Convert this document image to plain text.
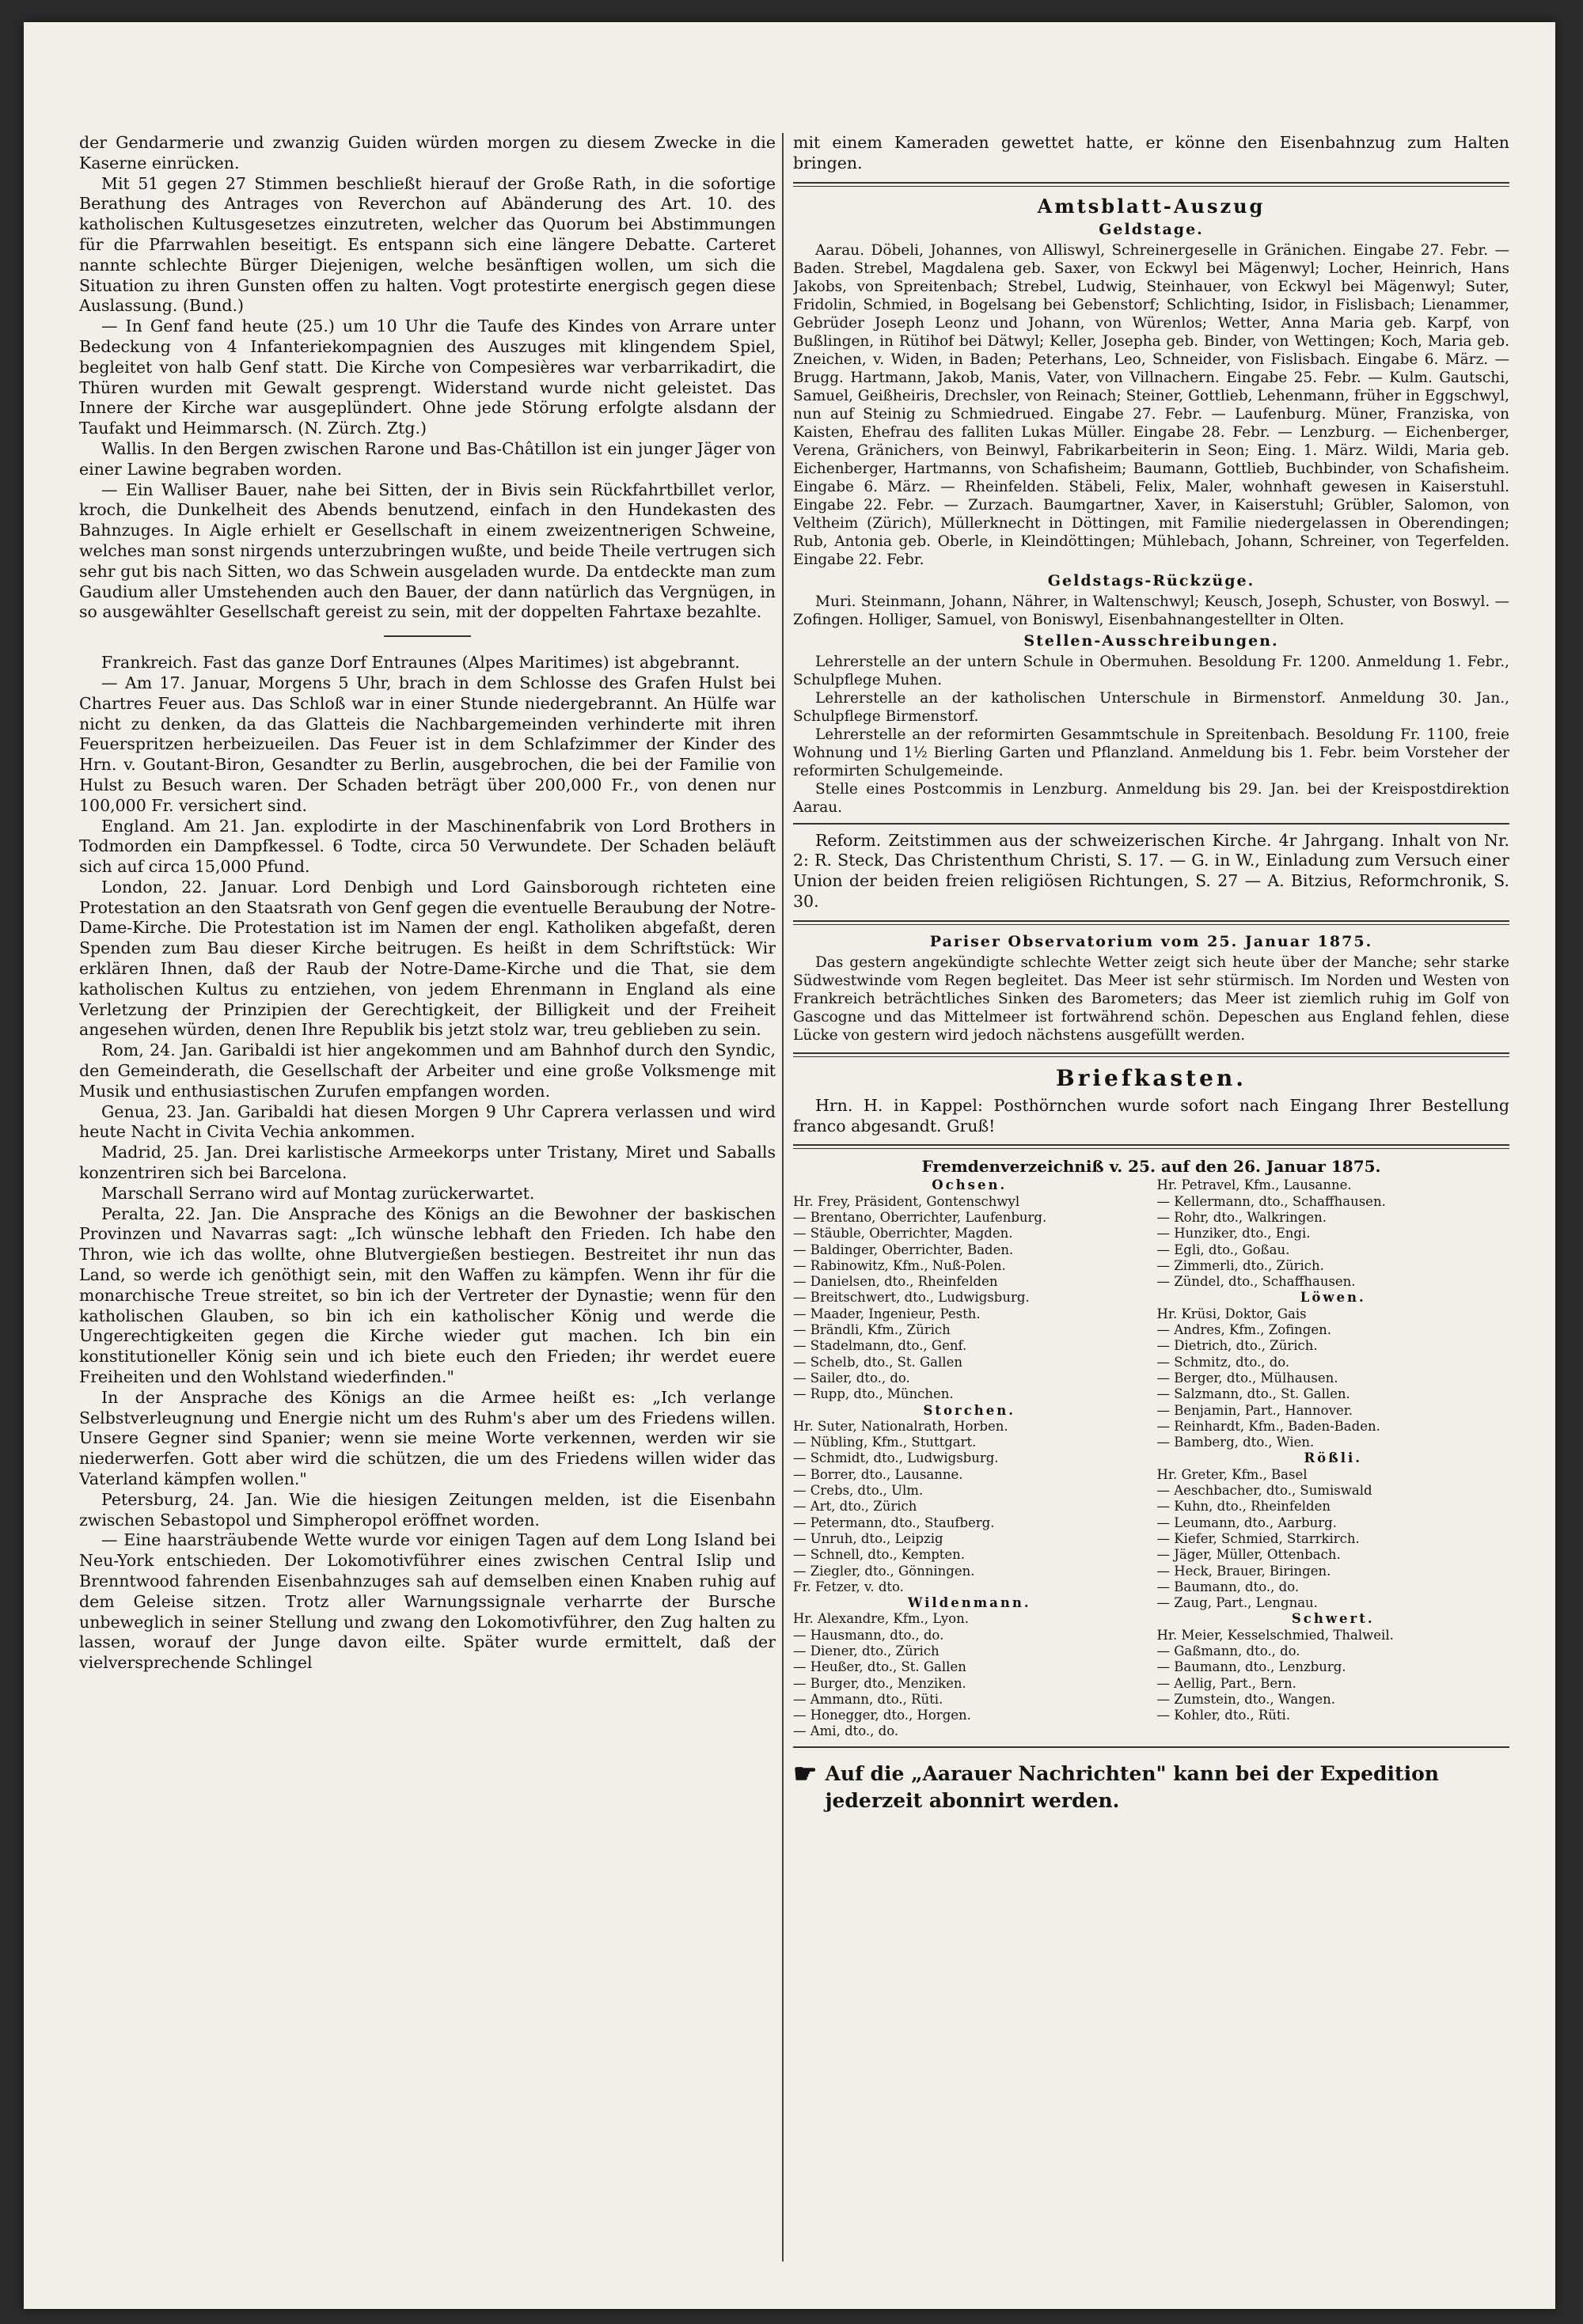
der Gendarmerie und zwanzig Guiden würden morgen zu diesem Zwecke in die Kaserne einrücken.

Mit 51 gegen 27 Stimmen beschließt hierauf der Große Rath, in die sofortige Berathung des Antrages von Reverchon auf Abänderung des Art. 10. des katholischen Kultusgesetzes einzutreten, welcher das Quorum bei Abstimmungen für die Pfarrwahlen beseitigt. Es entspann sich eine längere Debatte. Carteret nannte schlechte Bürger Diejenigen, welche besänftigen wollen, um sich die Situation zu ihren Gunsten offen zu halten. Vogt protestirte energisch gegen diese Auslassung. (Bund.)

— In Genf fand heute (25.) um 10 Uhr die Taufe des Kindes von Arrare unter Bedeckung von 4 Infanteriekompagnien des Auszuges mit klingendem Spiel, begleitet von halb Genf statt. Die Kirche von Compesières war verbarrikadirt, die Thüren wurden mit Gewalt gesprengt. Widerstand wurde nicht geleistet. Das Innere der Kirche war ausgeplündert. Ohne jede Störung erfolgte alsdann der Taufakt und Heimmarsch. (N. Zürch. Ztg.)

Wallis. In den Bergen zwischen Rarone und Bas-Châtillon ist ein junger Jäger von einer Lawine begraben worden.

— Ein Walliser Bauer, nahe bei Sitten, der in Bivis sein Rückfahrtbillet verlor, kroch, die Dunkelheit des Abends benutzend, einfach in den Hundekasten des Bahnzuges. In Aigle erhielt er Gesellschaft in einem zweizentnerigen Schweine, welches man sonst nirgends unterzubringen wußte, und beide Theile vertrugen sich sehr gut bis nach Sitten, wo das Schwein ausgeladen wurde. Da entdeckte man zum Gaudium aller Umstehenden auch den Bauer, der dann natürlich das Vergnügen, in so ausgewählter Gesellschaft gereist zu sein, mit der doppelten Fahrtaxe bezahlte.

Frankreich. Fast das ganze Dorf Entraunes (Alpes Maritimes) ist abgebrannt.

— Am 17. Januar, Morgens 5 Uhr, brach in dem Schlosse des Grafen Hulst bei Chartres Feuer aus. Das Schloß war in einer Stunde niedergebrannt. An Hülfe war nicht zu denken, da das Glatteis die Nachbargemeinden verhinderte mit ihren Feuerspritzen herbeizueilen. Das Feuer ist in dem Schlafzimmer der Kinder des Hrn. v. Goutant-Biron, Gesandter zu Berlin, ausgebrochen, die bei der Familie von Hulst zu Besuch waren. Der Schaden beträgt über 200,000 Fr., von denen nur 100,000 Fr. versichert sind.

England. Am 21. Jan. explodirte in der Maschinenfabrik von Lord Brothers in Todmorden ein Dampfkessel. 6 Todte, circa 50 Verwundete. Der Schaden beläuft sich auf circa 15,000 Pfund.

London, 22. Januar. Lord Denbigh und Lord Gainsborough richteten eine Protestation an den Staatsrath von Genf gegen die eventuelle Beraubung der Notre-Dame-Kirche. Die Protestation ist im Namen der engl. Katholiken abgefaßt, deren Spenden zum Bau dieser Kirche beitrugen. Es heißt in dem Schriftstück: Wir erklären Ihnen, daß der Raub der Notre-Dame-Kirche und die That, sie dem katholischen Kultus zu entziehen, von jedem Ehrenmann in England als eine Verletzung der Prinzipien der Gerechtigkeit, der Billigkeit und der Freiheit angesehen würden, denen Ihre Republik bis jetzt stolz war, treu geblieben zu sein.

Rom, 24. Jan. Garibaldi ist hier angekommen und am Bahnhof durch den Syndic, den Gemeinderath, die Gesellschaft der Arbeiter und eine große Volksmenge mit Musik und enthusiastischen Zurufen empfangen worden.

Genua, 23. Jan. Garibaldi hat diesen Morgen 9 Uhr Caprera verlassen und wird heute Nacht in Civita Vechia ankommen.

Madrid, 25. Jan. Drei karlistische Armeekorps unter Tristany, Miret und Saballs konzentriren sich bei Barcelona.

Marschall Serrano wird auf Montag zurückerwartet.

Peralta, 22. Jan. Die Ansprache des Königs an die Bewohner der baskischen Provinzen und Navarras sagt: „Ich wünsche lebhaft den Frieden. Ich habe den Thron, wie ich das wollte, ohne Blutvergießen bestiegen. Bestreitet ihr nun das Land, so werde ich genöthigt sein, mit den Waffen zu kämpfen. Wenn ihr für die monarchische Treue streitet, so bin ich der Vertreter der Dynastie; wenn für den katholischen Glauben, so bin ich ein katholischer König und werde die Ungerechtigkeiten gegen die Kirche wieder gut machen. Ich bin ein konstitutioneller König sein und ich biete euch den Frieden; ihr werdet euere Freiheiten und den Wohlstand wiederfinden."

In der Ansprache des Königs an die Armee heißt es: „Ich verlange Selbstverleugnung und Energie nicht um des Ruhm's aber um des Friedens willen. Unsere Gegner sind Spanier; wenn sie meine Worte verkennen, werden wir sie niederwerfen. Gott aber wird die schützen, die um des Friedens willen wider das Vaterland kämpfen wollen."

Petersburg, 24. Jan. Wie die hiesigen Zeitungen melden, ist die Eisenbahn zwischen Sebastopol und Simpheropol eröffnet worden.

— Eine haarsträubende Wette wurde vor einigen Tagen auf dem Long Island bei Neu-York entschieden. Der Lokomotivführer eines zwischen Central Islip und Brenntwood fahrenden Eisenbahnzuges sah auf demselben einen Knaben ruhig auf dem Geleise sitzen. Trotz aller Warnungssignale verharrte der Bursche unbeweglich in seiner Stellung und zwang den Lokomotivführer, den Zug halten zu lassen, worauf der Junge davon eilte. Später wurde ermittelt, daß der vielversprechende Schlingel

mit einem Kameraden gewettet hatte, er könne den Eisenbahnzug zum Halten bringen.

Amtsblatt-Auszug
Geldstage.

Aarau. Döbeli, Johannes, von Alliswyl, Schreinergeselle in Gränichen. Eingabe 27. Febr. — Baden. Strebel, Magdalena geb. Saxer, von Eckwyl bei Mägenwyl; Locher, Heinrich, Hans Jakobs, von Spreitenbach; Strebel, Ludwig, Steinhauer, von Eckwyl bei Mägenwyl; Suter, Fridolin, Schmied, in Bogelsang bei Gebenstorf; Schlichting, Isidor, in Fislisbach; Lienammer, Gebrüder Joseph Leonz und Johann, von Würenlos; Wetter, Anna Maria geb. Karpf, von Bußlingen, in Rütihof bei Dätwyl; Keller, Josepha geb. Binder, von Wettingen; Koch, Maria geb. Zneichen, v. Widen, in Baden; Peterhans, Leo, Schneider, von Fislisbach. Eingabe 6. März. — Brugg. Hartmann, Jakob, Manis, Vater, von Villnachern. Eingabe 25. Febr. — Kulm. Gautschi, Samuel, Geißheiris, Drechsler, von Reinach; Steiner, Gottlieb, Lehenmann, früher in Eggschwyl, nun auf Steinig zu Schmiedrued. Eingabe 27. Febr. — Laufenburg. Müner, Franziska, von Kaisten, Ehefrau des falliten Lukas Müller. Eingabe 28. Febr. — Lenzburg. — Eichenberger, Verena, Gränichers, von Beinwyl, Fabrikarbeiterin in Seon; Eing. 1. März. Wildi, Maria geb. Eichenberger, Hartmanns, von Schafisheim; Baumann, Gottlieb, Buchbinder, von Schafisheim. Eingabe 6. März. — Rheinfelden. Stäbeli, Felix, Maler, wohnhaft gewesen in Kaiserstuhl. Eingabe 22. Febr. — Zurzach. Baumgartner, Xaver, in Kaiserstuhl; Grübler, Salomon, von Veltheim (Zürich), Müllerknecht in Döttingen, mit Familie niedergelassen in Oberendingen; Rub, Antonia geb. Oberle, in Kleindöttingen; Mühlebach, Johann, Schreiner, von Tegerfelden. Eingabe 22. Febr.

Geldstags-Rückzüge.

Muri. Steinmann, Johann, Nährer, in Waltenschwyl; Keusch, Joseph, Schuster, von Boswyl. — Zofingen. Holliger, Samuel, von Boniswyl, Eisenbahnangestellter in Olten.

Stellen-Ausschreibungen.

Lehrerstelle an der untern Schule in Obermuhen. Besoldung Fr. 1200. Anmeldung 1. Febr., Schulpflege Muhen.

Lehrerstelle an der katholischen Unterschule in Birmenstorf. Anmeldung 30. Jan., Schulpflege Birmenstorf.

Lehrerstelle an der reformirten Gesammtschule in Spreitenbach. Besoldung Fr. 1100, freie Wohnung und 1½ Bierling Garten und Pflanzland. Anmeldung bis 1. Febr. beim Vorsteher der reformirten Schulgemeinde.

Stelle eines Postcommis in Lenzburg. Anmeldung bis 29. Jan. bei der Kreispostdirektion Aarau.

Reform. Zeitstimmen aus der schweizerischen Kirche. 4r Jahrgang. Inhalt von Nr. 2: R. Steck, Das Christenthum Christi, S. 17. — G. in W., Einladung zum Versuch einer Union der beiden freien religiösen Richtungen, S. 27 — A. Bitzius, Reformchronik, S. 30.

Pariser Observatorium vom 25. Januar 1875.

Das gestern angekündigte schlechte Wetter zeigt sich heute über der Manche; sehr starke Südwestwinde vom Regen begleitet. Das Meer ist sehr stürmisch. Im Norden und Westen von Frankreich beträchtliches Sinken des Barometers; das Meer ist ziemlich ruhig im Golf von Gascogne und das Mittelmeer ist fortwährend schön. Depeschen aus England fehlen, diese Lücke von gestern wird jedoch nächstens ausgefüllt werden.

Briefkasten.

Hrn. H. in Kappel: Posthörnchen wurde sofort nach Eingang Ihrer Bestellung franco abgesandt. Gruß!

Fremdenverzeichniß v. 25. auf den 26. Januar 1875.
Ochsen.
Hr. Frey, Präsident, Gontenschwyl
— Brentano, Oberrichter, Laufenburg.
— Stäuble, Oberrichter, Magden.
— Baldinger, Oberrichter, Baden.
— Rabinowitz, Kfm., Nuß-Polen.
— Danielsen, dto., Rheinfelden
— Breitschwert, dto., Ludwigsburg.
— Maader, Ingenieur, Pesth.
— Brändli, Kfm., Zürich
— Stadelmann, dto., Genf.
— Schelb, dto., St. Gallen
— Sailer, dto., do.
— Rupp, dto., München.
Storchen.
Hr. Suter, Nationalrath, Horben.
— Nübling, Kfm., Stuttgart.
— Schmidt, dto., Ludwigsburg.
— Borrer, dto., Lausanne.
— Crebs, dto., Ulm.
— Art, dto., Zürich
— Petermann, dto., Staufberg.
— Unruh, dto., Leipzig
— Schnell, dto., Kempten.
— Ziegler, dto., Gönningen.
Fr. Fetzer, v. dto.
Wildenmann.
Hr. Alexandre, Kfm., Lyon.
— Hausmann, dto., do.
— Diener, dto., Zürich
— Heußer, dto., St. Gallen
— Burger, dto., Menziken.
— Ammann, dto., Rüti.
— Honegger, dto., Horgen.
— Ami, dto., do.
Hr. Petravel, Kfm., Lausanne.
— Kellermann, dto., Schaffhausen.
— Rohr, dto., Walkringen.
— Hunziker, dto., Engi.
— Egli, dto., Goßau.
— Zimmerli, dto., Zürich.
— Zündel, dto., Schaffhausen.
Löwen.
Hr. Krüsi, Doktor, Gais
— Andres, Kfm., Zofingen.
— Dietrich, dto., Zürich.
— Schmitz, dto., do.
— Berger, dto., Mülhausen.
— Salzmann, dto., St. Gallen.
— Benjamin, Part., Hannover.
— Reinhardt, Kfm., Baden-Baden.
— Bamberg, dto., Wien.
Rößli.
Hr. Greter, Kfm., Basel
— Aeschbacher, dto., Sumiswald
— Kuhn, dto., Rheinfelden
— Leumann, dto., Aarburg.
— Kiefer, Schmied, Starrkirch.
— Jäger, Müller, Ottenbach.
— Heck, Brauer, Biringen.
— Baumann, dto., do.
— Zaug, Part., Lengnau.
Schwert.
Hr. Meier, Kesselschmied, Thalweil.
— Gaßmann, dto., do.
— Baumann, dto., Lenzburg.
— Aellig, Part., Bern.
— Zumstein, dto., Wangen.
— Kohler, dto., Rüti.
☛ Auf die „Aarauer Nachrichten" kann bei der Expedition jederzeit abonnirt werden.
